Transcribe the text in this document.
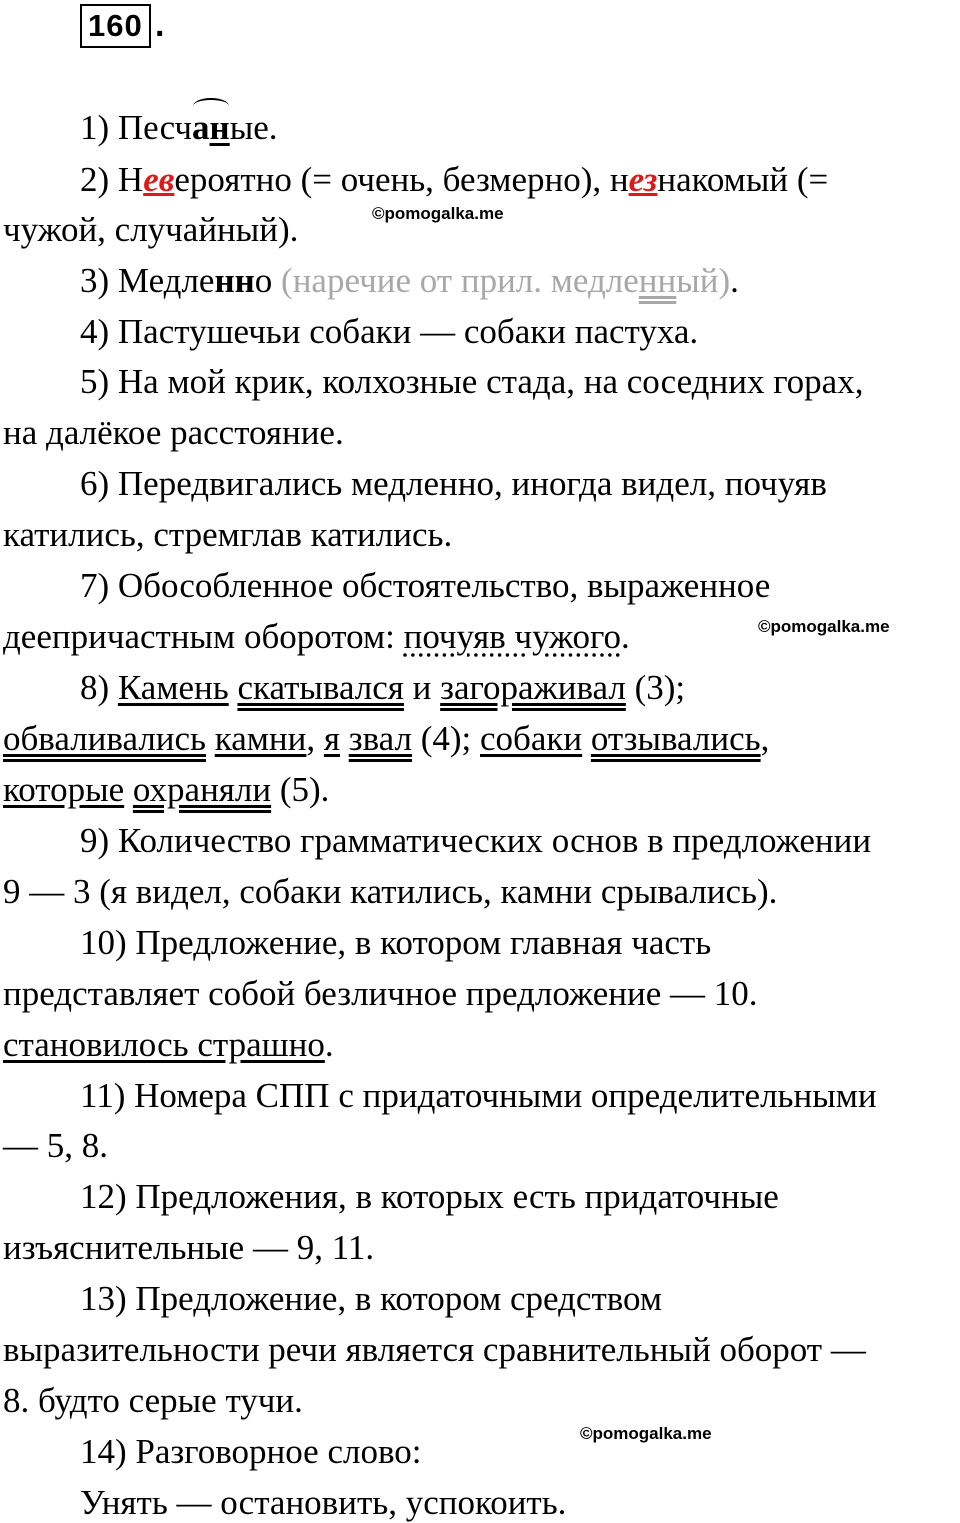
160 .
1) Песчаные.
2) Невероятно (= очень, безмерно), незнакомый (=
©pomogalka.me
чужой, случайный).
3) Медленно (наречие от прил. медленный).
4) Пастушечьи собаки — собаки пастуха.
5) На мой крик, колхозные стада, на соседних горах,
на далёкое расстояние.
6) Передвигались медленно, иногда видел, почуяв
катились, стремглав катились.
7) Обособленное обстоятельство, выраженное
деепричастным оборотом: почуяв чужого.	©pomogalka.me
8) Камень скатывался и загораживал (3);
обваливались камни, я звал (4); собаки отзывались,
которые охраняли (5).
9) Количество грамматических основ в предложении
9 — 3 (я видел, собаки катились, камни срывались).
10) Предложение, в котором главная часть
представляет собой безличное предложение — 10.
становилось страшно.
11) Номера СПП с придаточными определительными
— 5, 8.
12) Предложения, в которых есть придаточные
изъяснительные — 9, 11.
13) Предложение, в котором средством
выразительности речи является сравнительный оборот —
8. будто серые тучи.
©pomogalka.me
14) Разговорное слово:
Унять — остановить, успокоить.
